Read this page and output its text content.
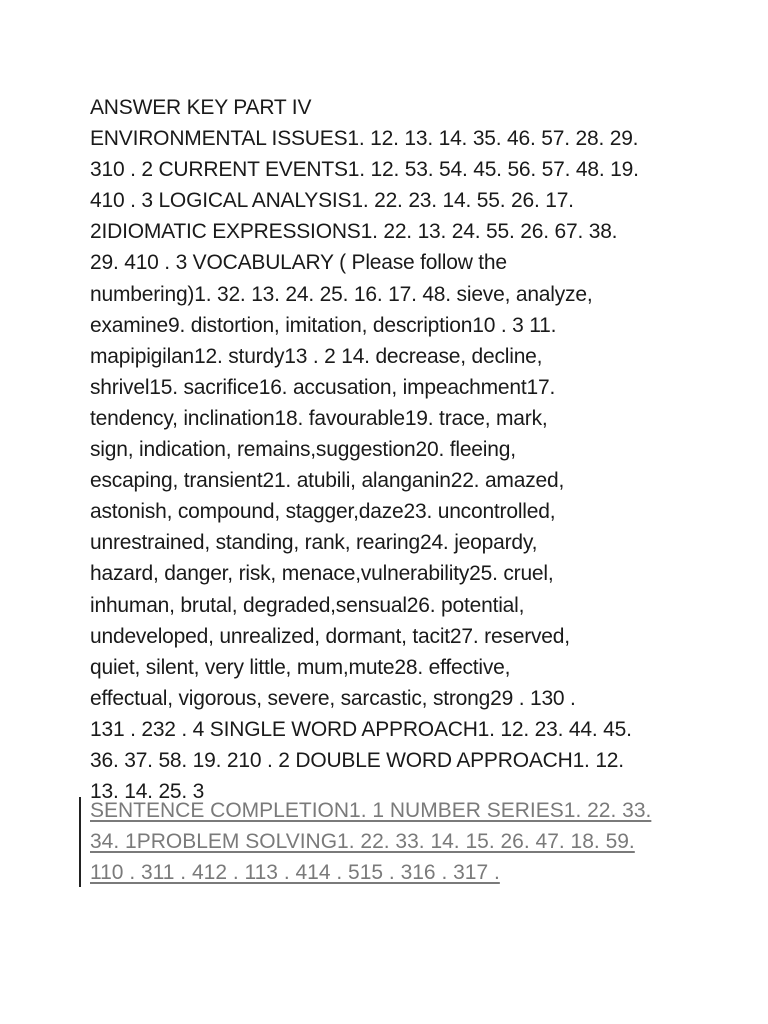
ANSWER KEY PART IV
ENVIRONMENTAL ISSUES1. 12. 13. 14. 35. 46. 57. 28. 29.
310 . 2 CURRENT EVENTS1. 12. 53. 54. 45. 56. 57. 48. 19.
410 . 3 LOGICAL ANALYSIS1. 22. 23. 14. 55. 26. 17.
2IDIOMATIC EXPRESSIONS1. 22. 13. 24. 55. 26. 67. 38.
29. 410 . 3 VOCABULARY ( Please follow the
numbering)1. 32. 13. 24. 25. 16. 17. 48. sieve, analyze,
examine9. distortion, imitation, description10 . 3 11.
mapipigilan12. sturdy13 . 2 14. decrease, decline,
shrivel15. sacrifice16. accusation, impeachment17.
tendency, inclination18. favourable19. trace, mark,
sign, indication, remains,suggestion20. fleeing,
escaping, transient21. atubili, alanganin22. amazed,
astonish, compound, stagger,daze23. uncontrolled,
unrestrained, standing, rank, rearing24. jeopardy,
hazard, danger, risk, menace,vulnerability25. cruel,
inhuman, brutal, degraded,sensual26. potential,
undeveloped, unrealized, dormant, tacit27. reserved,
quiet, silent, very little, mum,mute28. effective,
effectual, vigorous, severe, sarcastic, strong29 . 130 .
131 . 232 . 4 SINGLE WORD APPROACH1. 12. 23. 44. 45.
36. 37. 58. 19. 210 . 2 DOUBLE WORD APPROACH1. 12.
13. 14. 25. 3
SENTENCE COMPLETION1. 1 NUMBER SERIES1. 22. 33.
34. 1PROBLEM SOLVING1. 22. 33. 14. 15. 26. 47. 18. 59.
110 . 311 . 412 . 113 . 414 . 515 . 316 . 317 .
